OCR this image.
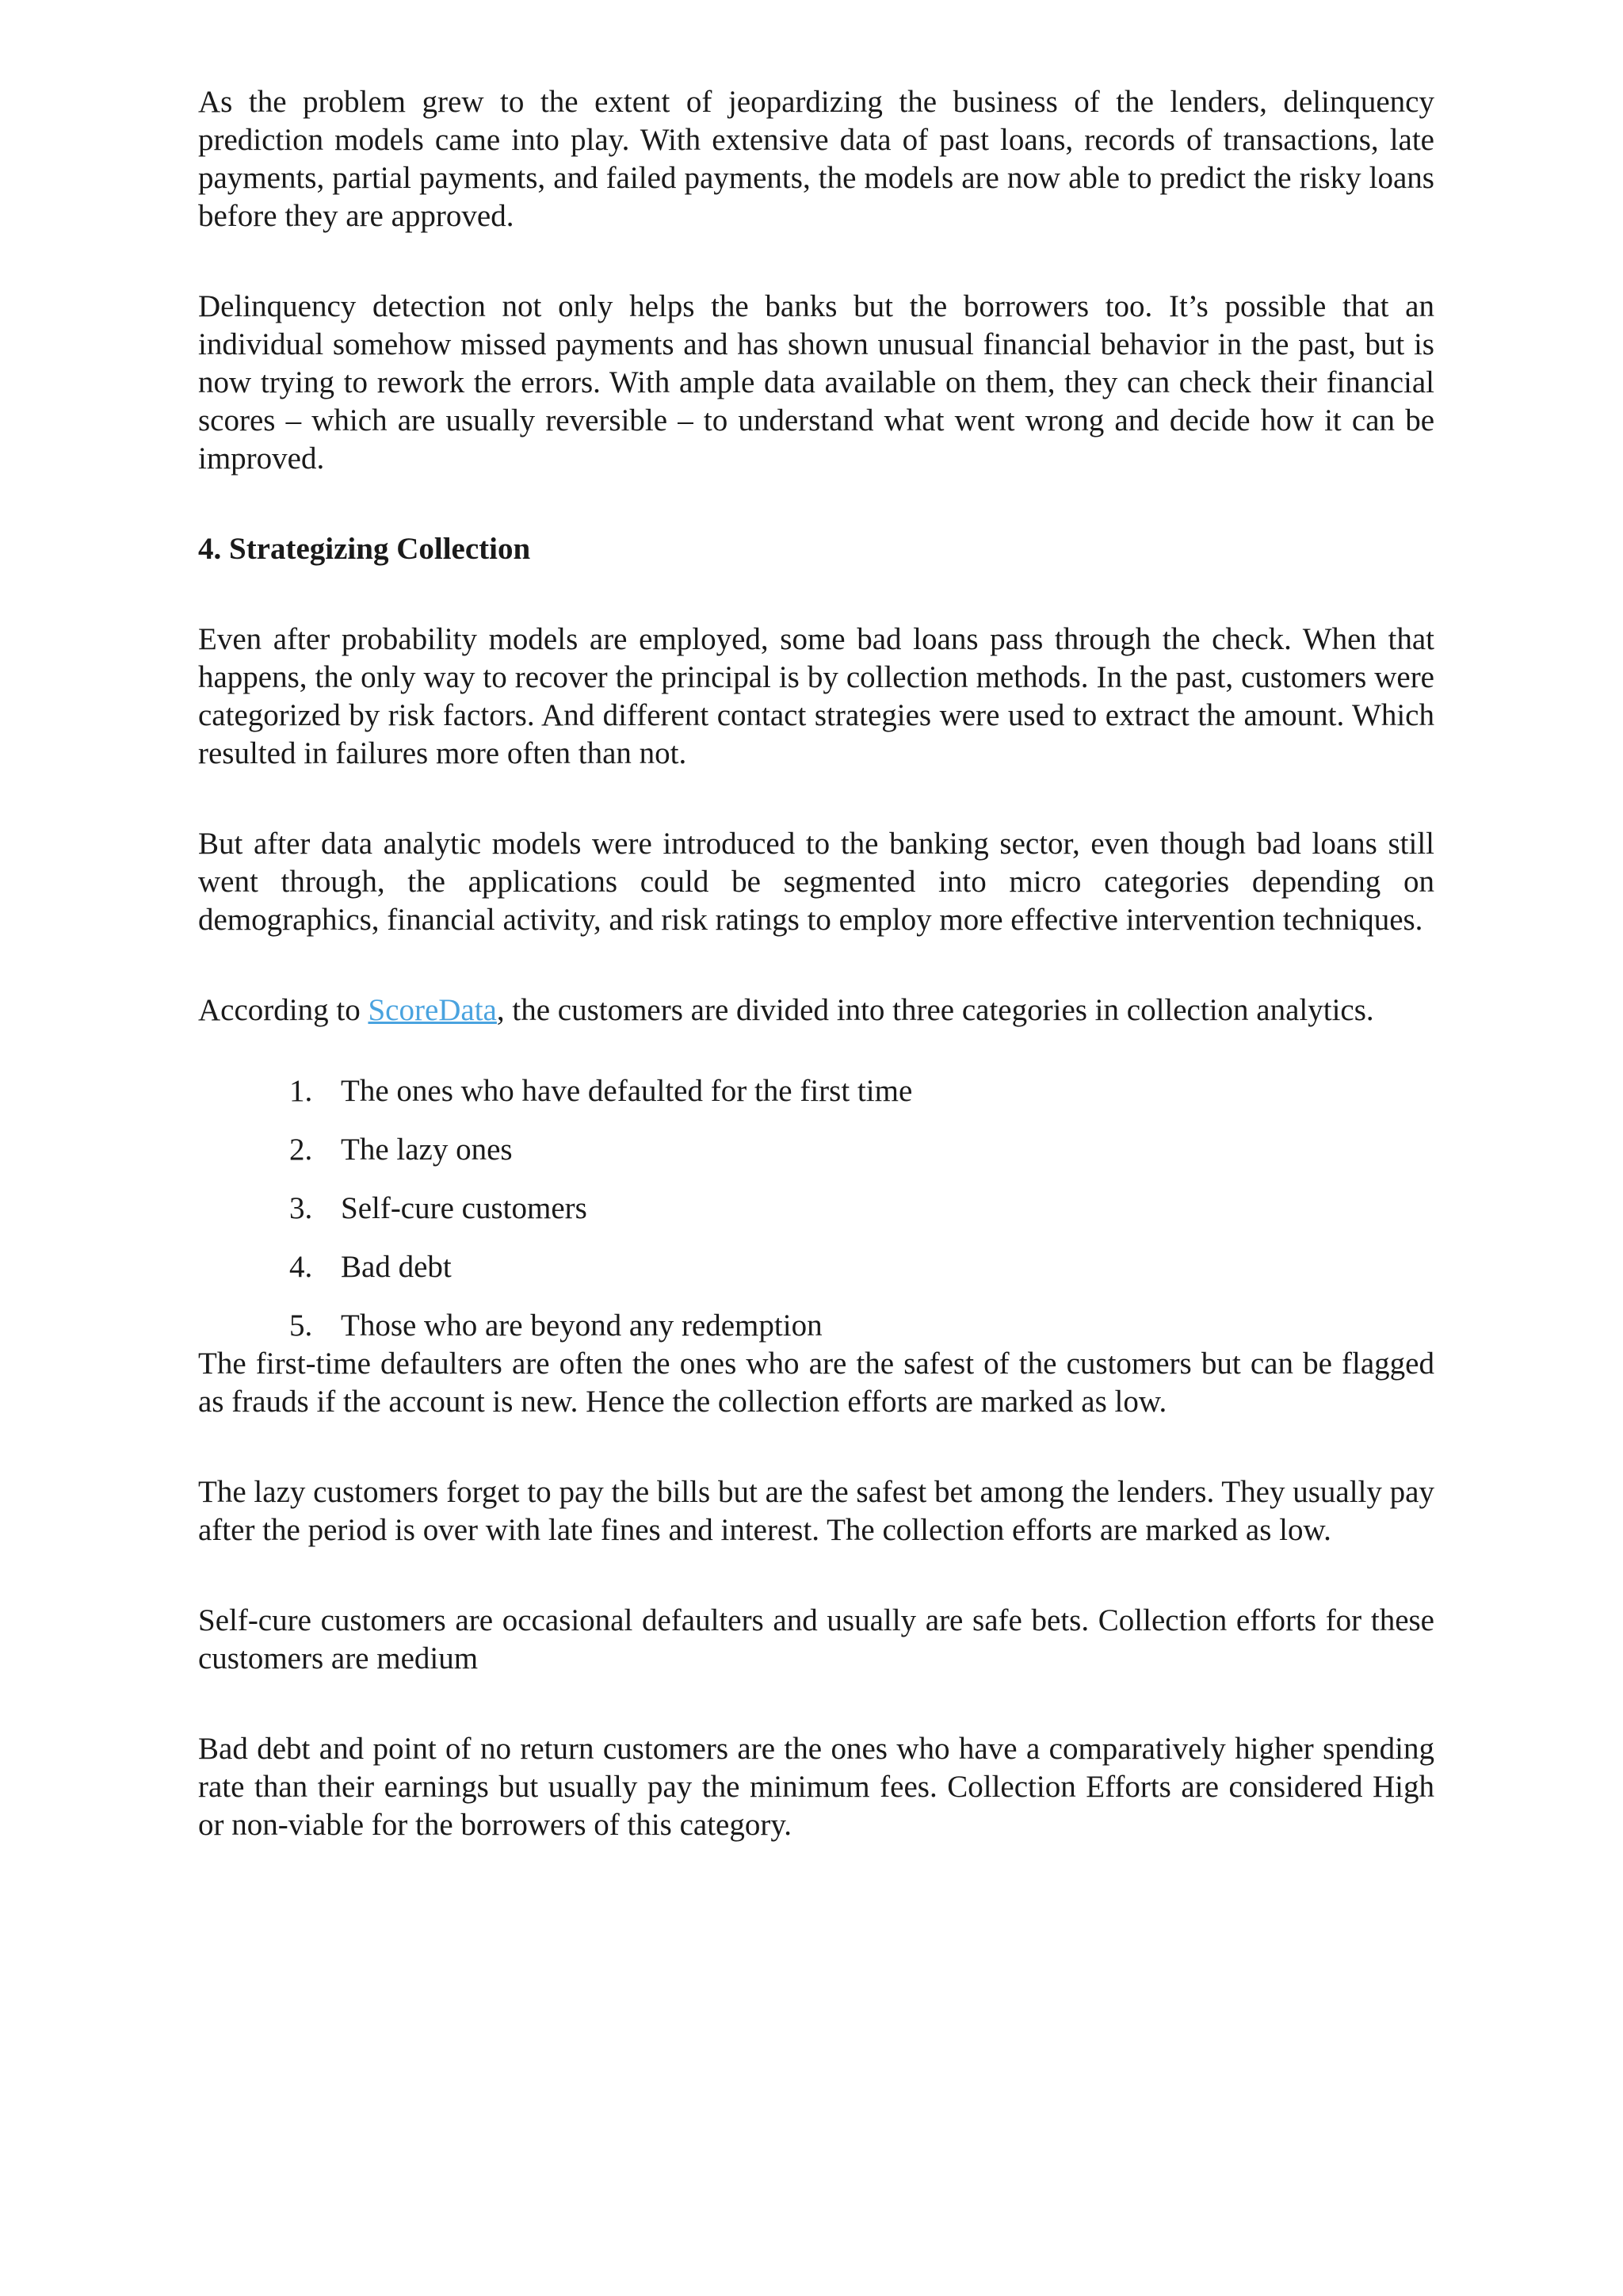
As the problem grew to the extent of jeopardizing the business of the lenders, delinquency prediction models came into play. With extensive data of past loans, records of transactions, late payments, partial payments, and failed payments, the models are now able to predict the risky loans before they are approved.

Delinquency detection not only helps the banks but the borrowers too. It’s possible that an individual somehow missed payments and has shown unusual financial behavior in the past, but is now trying to rework the errors. With ample data available on them, they can check their financial scores – which are usually reversible – to understand what went wrong and decide how it can be improved.

4. Strategizing Collection

Even after probability models are employed, some bad loans pass through the check. When that happens, the only way to recover the principal is by collection methods. In the past, customers were categorized by risk factors. And different contact strategies were used to extract the amount. Which resulted in failures more often than not.

But after data analytic models were introduced to the banking sector, even though bad loans still went through, the applications could be segmented into micro categories depending on demographics, financial activity, and risk ratings to employ more effective intervention techniques.

According to ScoreData, the customers are divided into three categories in collection analytics.

1. The ones who have defaulted for the first time
2. The lazy ones
3. Self-cure customers
4. Bad debt
5. Those who are beyond any redemption

The first-time defaulters are often the ones who are the safest of the customers but can be flagged as frauds if the account is new. Hence the collection efforts are marked as low.

The lazy customers forget to pay the bills but are the safest bet among the lenders. They usually pay after the period is over with late fines and interest. The collection efforts are marked as low.

Self-cure customers are occasional defaulters and usually are safe bets. Collection efforts for these customers are medium

Bad debt and point of no return customers are the ones who have a comparatively higher spending rate than their earnings but usually pay the minimum fees. Collection Efforts are considered High or non-viable for the borrowers of this category.
